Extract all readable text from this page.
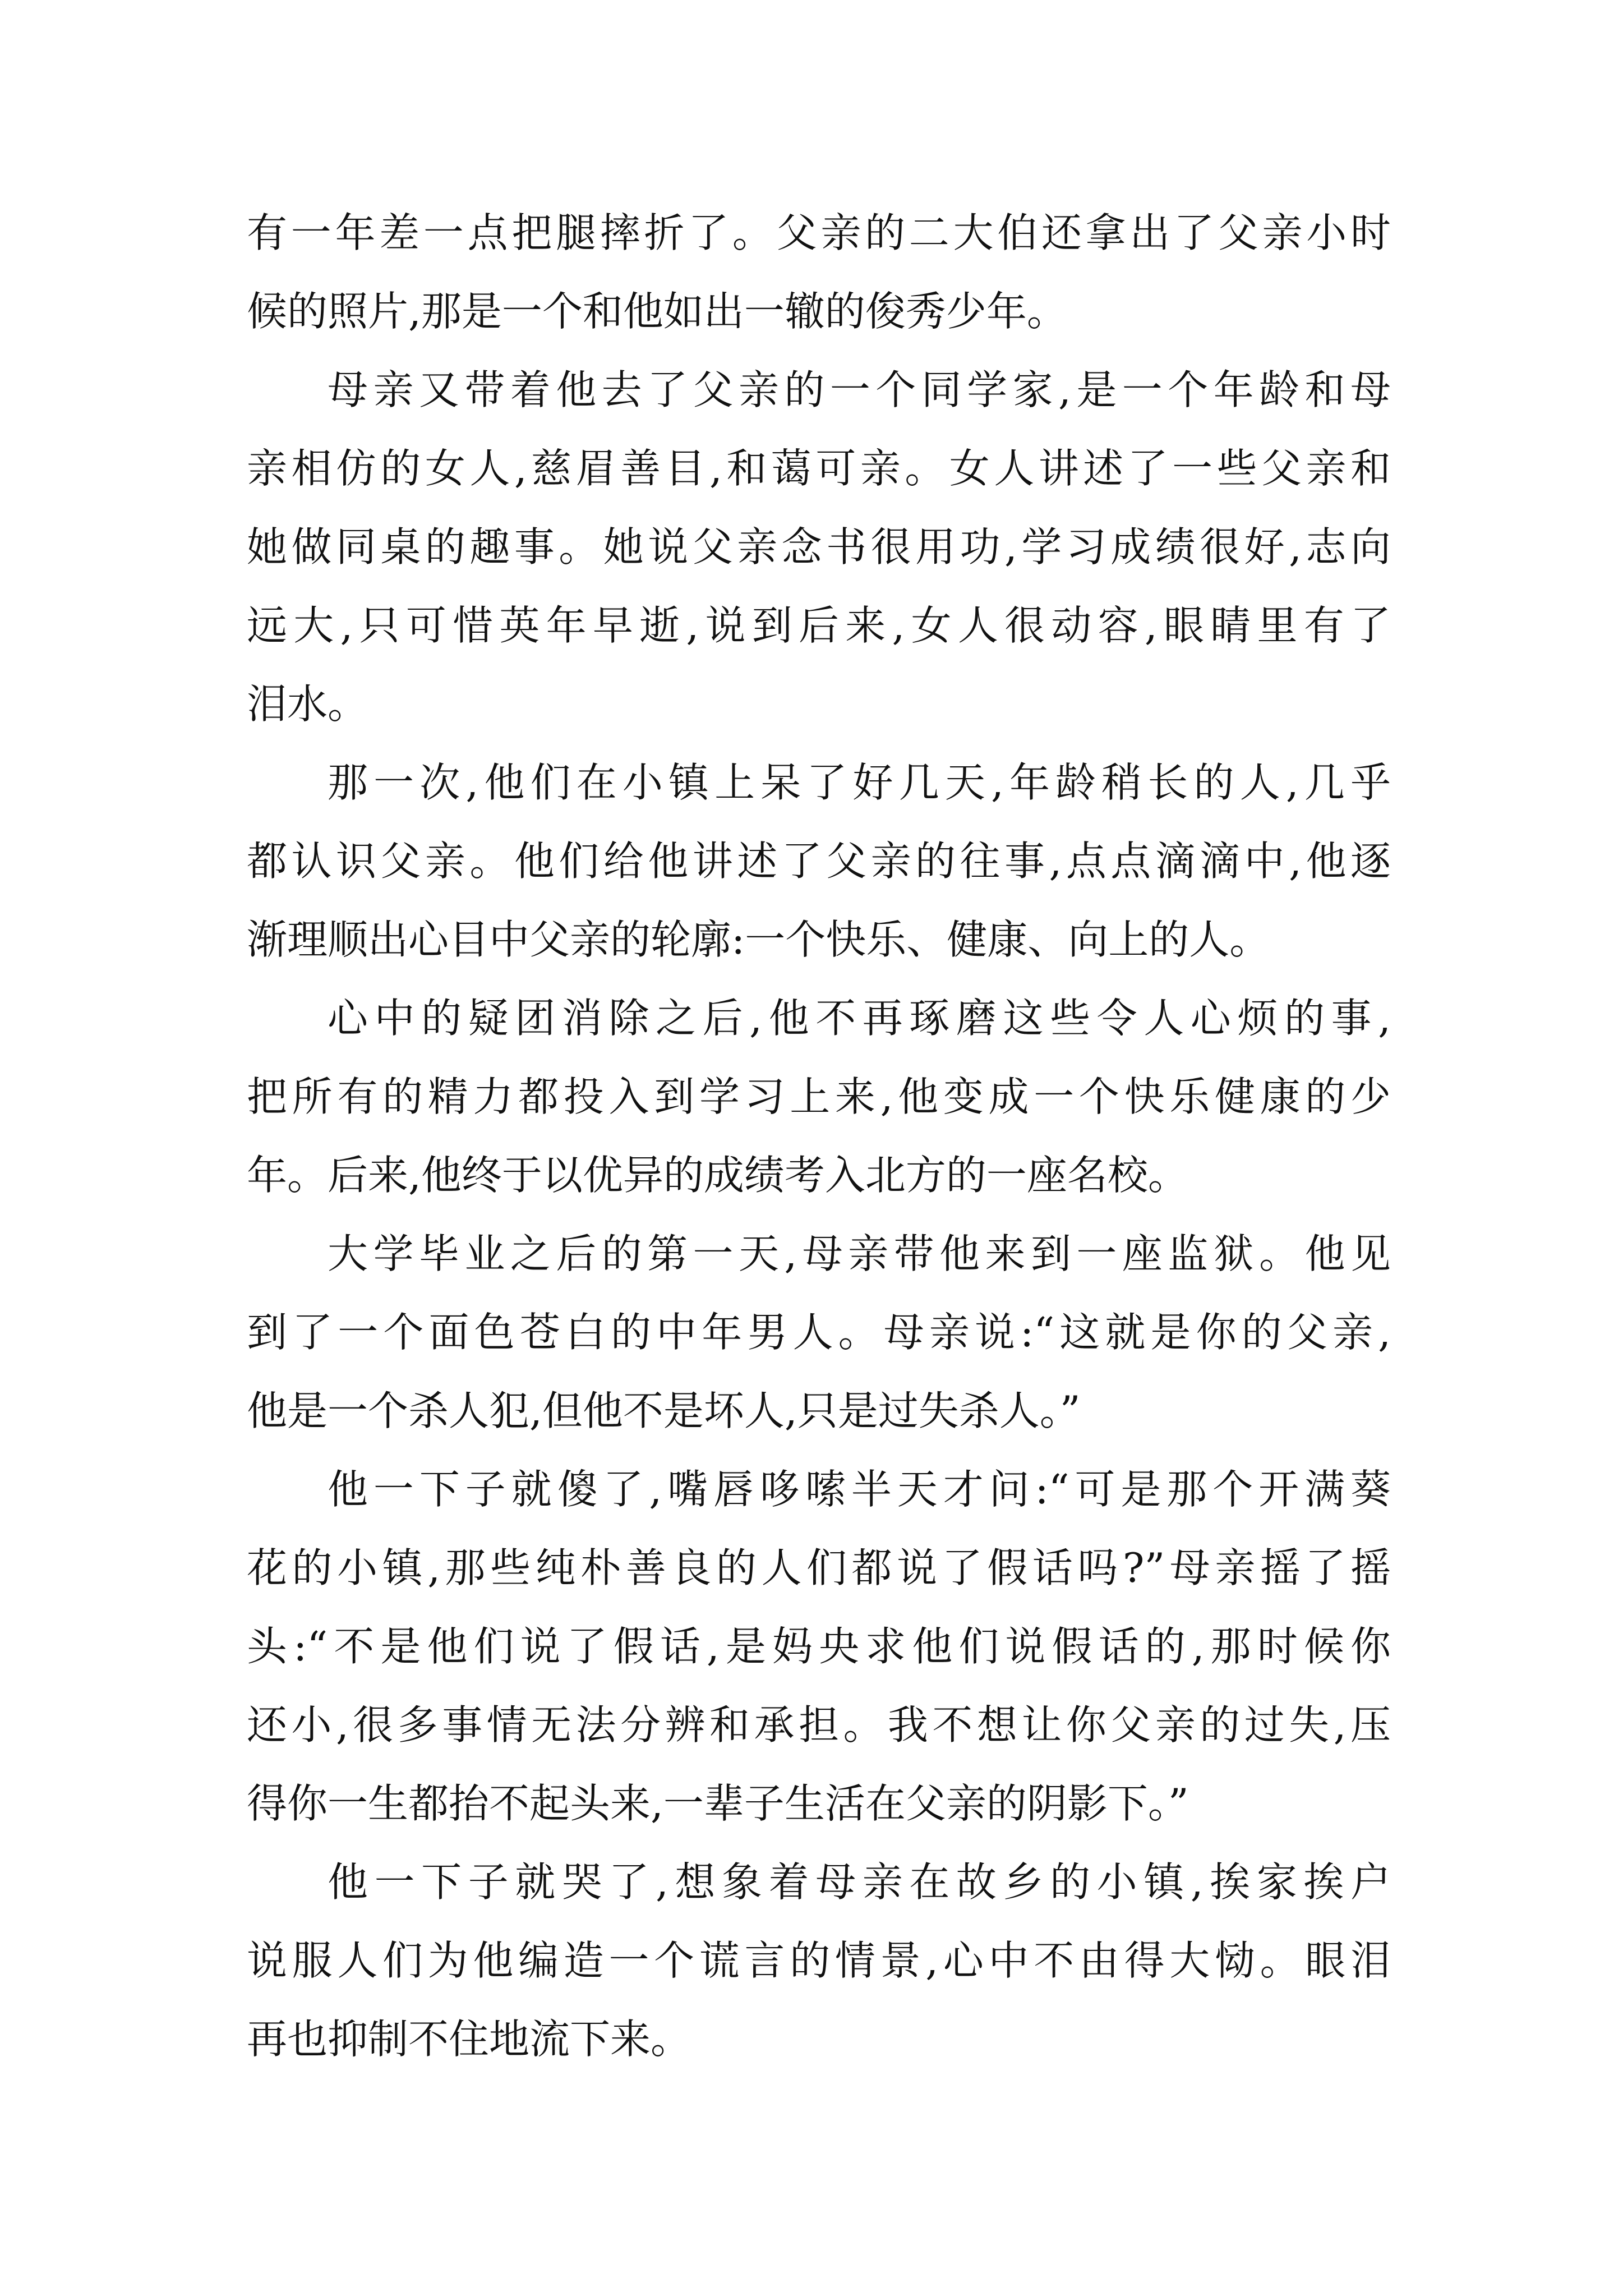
有一年差一点把腿摔折了。父亲的二大伯还拿出了父亲小时
候的照片,那是一个和他如出一辙的俊秀少年。
母亲又带着他去了父亲的一个同学家,是一个年龄和母
亲相仿的女人,慈眉善目,和蔼可亲。女人讲述了一些父亲和
她做同桌的趣事。她说父亲念书很用功,学习成绩很好,志向
远大,只可惜英年早逝,说到后来,女人很动容,眼睛里有了
泪水。
那一次,他们在小镇上呆了好几天,年龄稍长的人,几乎
都认识父亲。他们给他讲述了父亲的往事,点点滴滴中,他逐
渐理顺出心目中父亲的轮廓:一个快乐、健康、向上的人。
心中的疑团消除之后,他不再琢磨这些令人心烦的事,
把所有的精力都投入到学习上来,他变成一个快乐健康的少
年。后来,他终于以优异的成绩考入北方的一座名校。
大学毕业之后的第一天,母亲带他来到一座监狱。他见
到了一个面色苍白的中年男人。母亲说:“这就是你的父亲,
他是一个杀人犯,但他不是坏人,只是过失杀人。”
他一下子就傻了,嘴唇哆嗦半天才问:“可是那个开满葵
花的小镇,那些纯朴善良的人们都说了假话吗?”母亲摇了摇
头:“不是他们说了假话,是妈央求他们说假话的,那时候你
还小,很多事情无法分辨和承担。我不想让你父亲的过失,压
得你一生都抬不起头来,一辈子生活在父亲的阴影下。”
他一下子就哭了,想象着母亲在故乡的小镇,挨家挨户
说服人们为他编造一个谎言的情景,心中不由得大恸。眼泪
再也抑制不住地流下来。
